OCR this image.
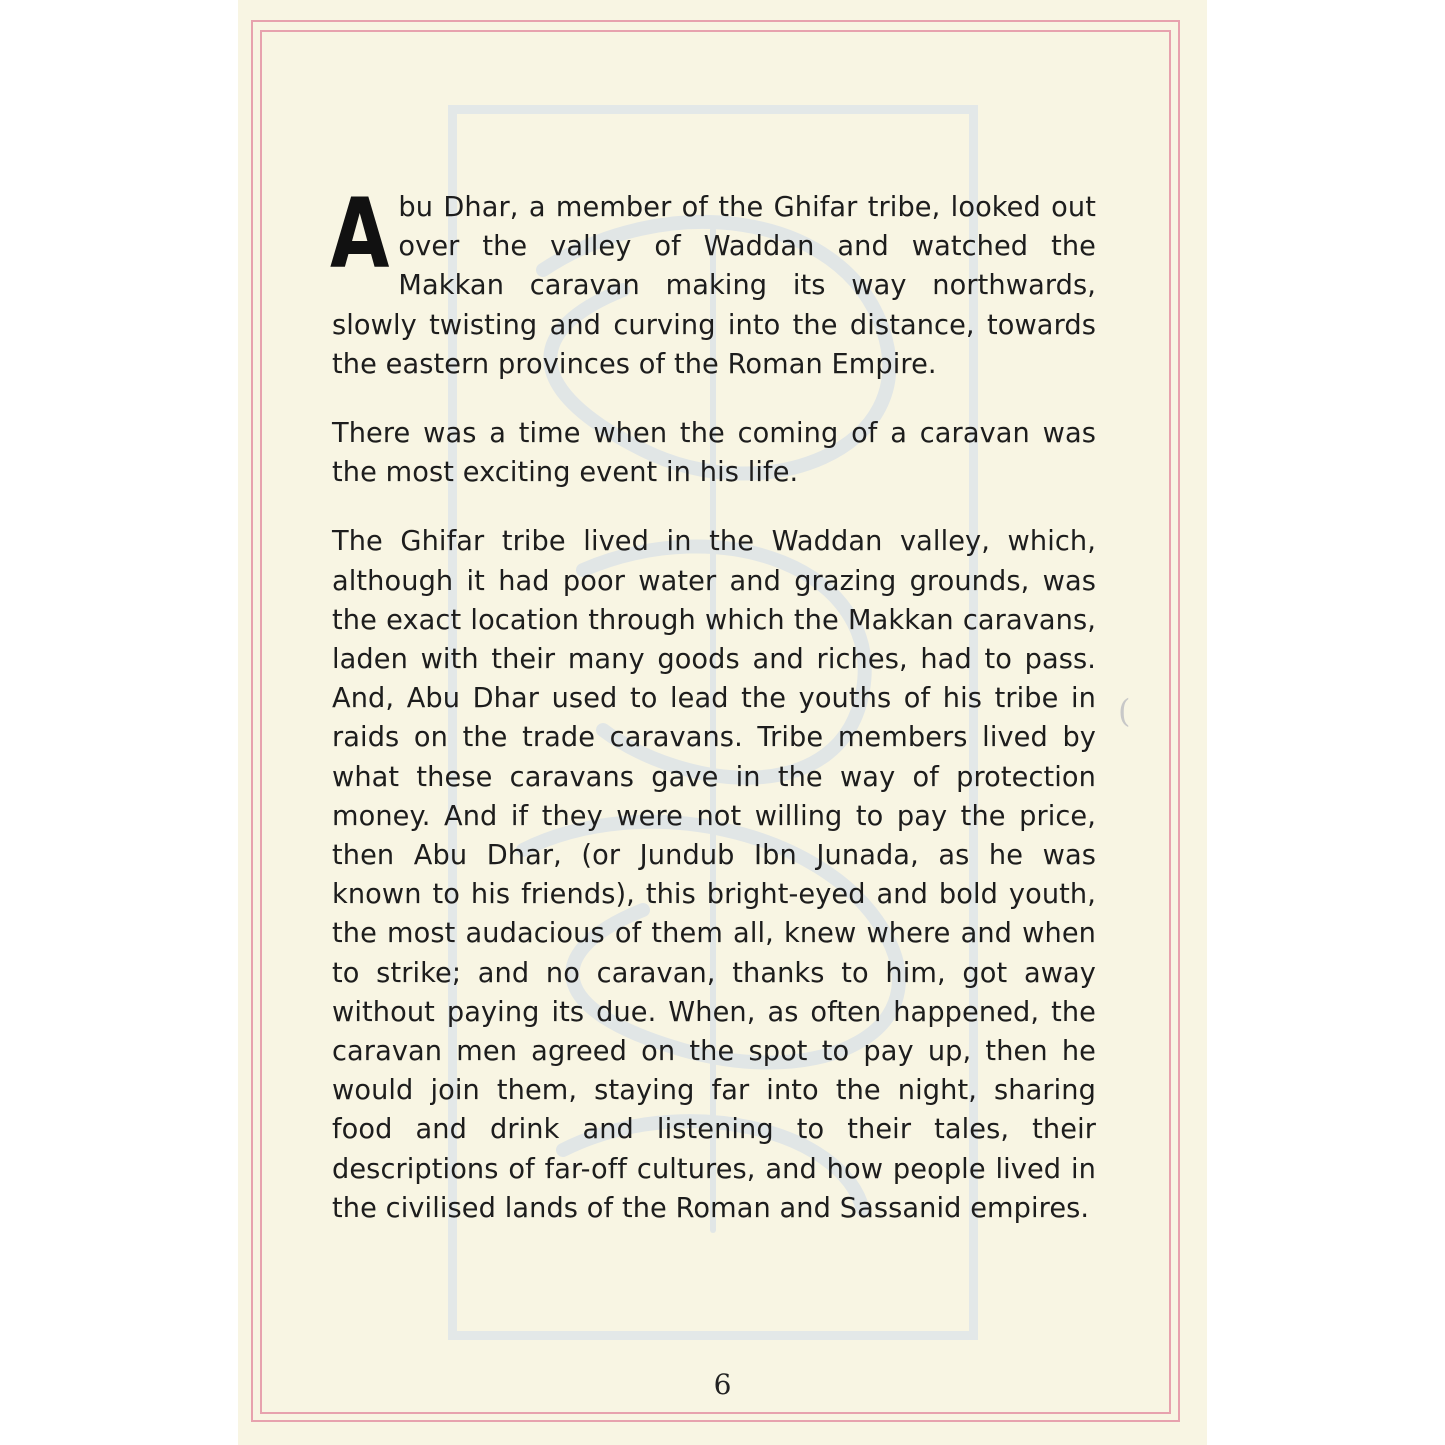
Abu Dhar, a member of the Ghifar tribe, looked out over the valley of Waddan and watched the Makkan caravan making its way northwards, slowly twisting and curving into the distance, towards the eastern provinces of the Roman Empire.

There was a time when the coming of a caravan was the most exciting event in his life.

The Ghifar tribe lived in the Waddan valley, which, although it had poor water and grazing grounds, was the exact location through which the Makkan caravans, laden with their many goods and riches, had to pass. And, Abu Dhar used to lead the youths of his tribe in raids on the trade caravans. Tribe members lived by what these caravans gave in the way of protection money. And if they were not willing to pay the price, then Abu Dhar, (or Jundub Ibn Junada, as he was known to his friends), this bright-eyed and bold youth, the most audacious of them all, knew where and when to strike; and no caravan, thanks to him, got away without paying its due. When, as often happened, the caravan men agreed on the spot to pay up, then he would join them, staying far into the night, sharing food and drink and listening to their tales, their descriptions of far-off cultures, and how people lived in the civilised lands of the Roman and Sassanid empires.

(
6
